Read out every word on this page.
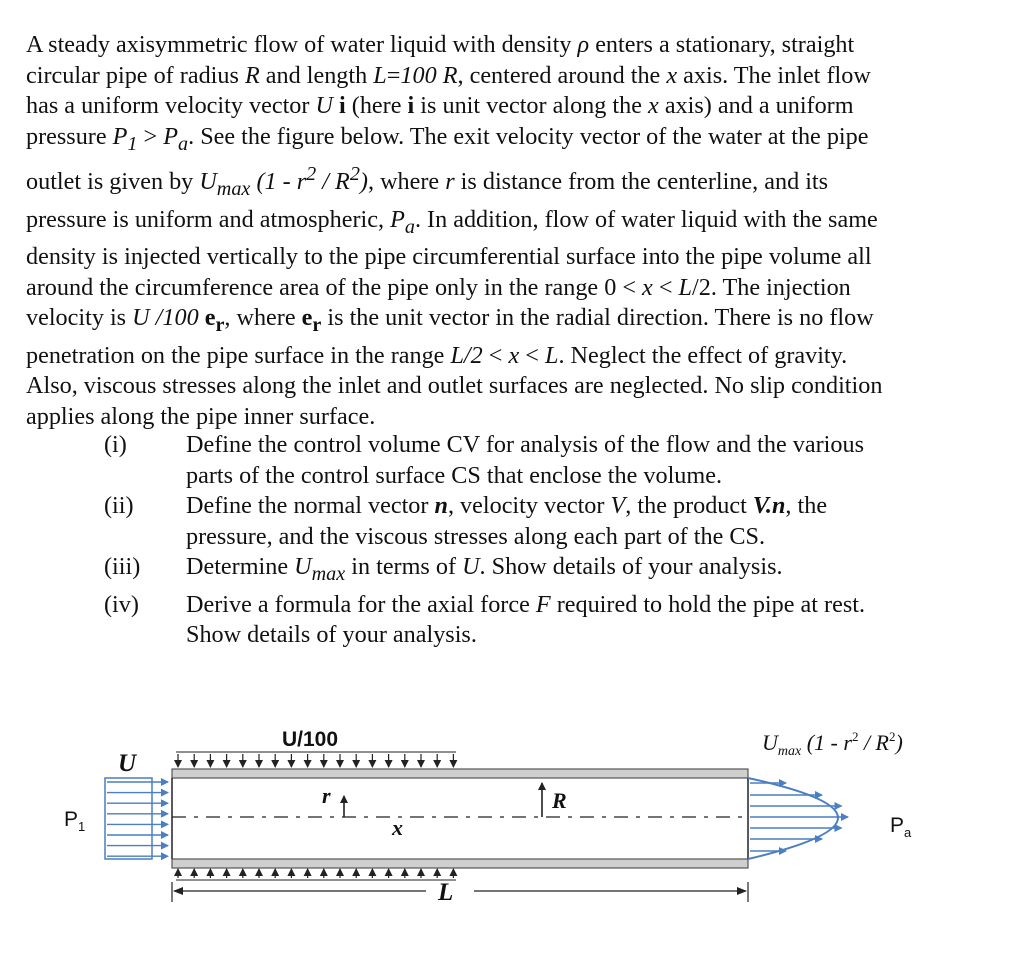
A steady axisymmetric flow of water liquid with density ρ enters a stationary, straight

circular pipe of radius R and length L=100 R, centered around the x axis. The inlet flow

has a uniform velocity vector U i (here i is unit vector along the x axis) and a uniform

pressure $P_1 > P_a$. See the figure below. The exit velocity vector of the water at the pipe

outlet is given by $U_{max}$ $(1 - r^2 / R^2)$, where r is distance from the centerline, and its

pressure is uniform and atmospheric, $P_a$. In addition, flow of water liquid with the same

density is injected vertically to the pipe circumferential surface into the pipe volume all

around the circumference area of the pipe only in the range 0 < x < L/2. The injection

velocity is U /100 $e_r$, where $e_r$ is the unit vector in the radial direction. There is no flow

penetration on the pipe surface in the range L/2 < x < L. Neglect the effect of gravity.

Also, viscous stresses along the inlet and outlet surfaces are neglected. No slip condition

applies along the pipe inner surface.

(i)	Define the control volume CV for analysis of the flow and the various
parts of the control surface CS that enclose the volume.
(ii)	Define the normal vector n, velocity vector V, the product V.n, the
pressure, and the viscous stresses along each part of the CS.
(iii)	Determine $U_{max}$ in terms of U. Show details of your analysis.
(iv)	Derive a formula for the axial force F required to hold the pipe at rest.
Show details of your analysis.
U/100
U
$P_1$
r
x
R
L
$U_{max}$ $(1 - r^2 / R^2)$
$P_a$
